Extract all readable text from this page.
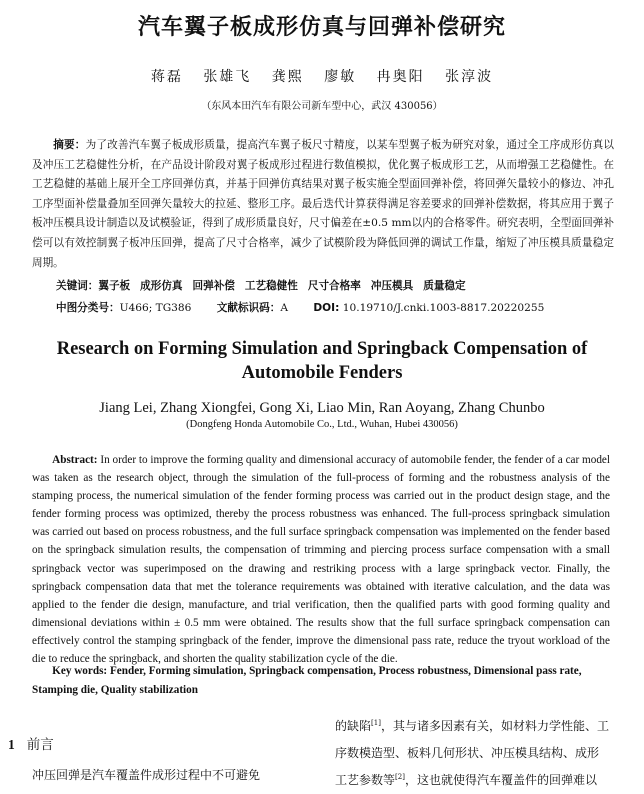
汽车翼子板成形仿真与回弹补偿研究
蒋磊 张雄飞 龚熙 廖敏 冉奥阳 张淳波
（东风本田汽车有限公司新车型中心，武汉 430056）
摘要：为了改善汽车翼子板成形质量，提高汽车翼子板尺寸精度，以某车型翼子板为研究对象，通过全工序成形仿真以及冲压工艺稳健性分析，在产品设计阶段对翼子板成形过程进行数值模拟，优化翼子板成形工艺，从而增强工艺稳健性。在工艺稳健的基础上展开全工序回弹仿真，并基于回弹仿真结果对翼子板实施全型面回弹补偿，将回弹矢量较小的修边、冲孔工序型面补偿量叠加至回弹矢量较大的拉延、整形工序。最后迭代计算获得满足容差要求的回弹补偿数据，将其应用于翼子板冲压模具设计制造以及试模验证，得到了成形质量良好，尺寸偏差在±0.5 mm以内的合格零件。研究表明，全型面回弹补偿可以有效控制翼子板冲压回弹，提高了尺寸合格率，减少了试模阶段为降低回弹的调试工作量，缩短了冲压模具质量稳定周期。
关键词：翼子板 成形仿真 回弹补偿 工艺稳健性 尺寸合格率 冲压模具 质量稳定
中图分类号：U466; TG386 文献标识码：A DOI: 10.19710/J.cnki.1003-8817.20220255
Research on Forming Simulation and Springback Compensation of Automobile Fenders
Jiang Lei, Zhang Xiongfei, Gong Xi, Liao Min, Ran Aoyang, Zhang Chunbo
(Dongfeng Honda Automobile Co., Ltd., Wuhan, Hubei 430056)
Abstract: In order to improve the forming quality and dimensional accuracy of automobile fender, the fender of a car model was taken as the research object, through the simulation of the full-process of forming and the robustness analysis of the stamping process, the numerical simulation of the fender forming process was carried out in the product design stage, and the fender forming process was optimized, thereby the process robustness was enhanced. The full-process springback simulation was carried out based on process robustness, and the full surface springback compensation was implemented on the fender based on the springback simulation results, the compensation of trimming and piercing process surface compensation with a small springback vector was superimposed on the drawing and restriking process with a large springback vector. Finally, the springback compensation data that met the tolerance requirements was obtained with iterative calculation, and the data was applied to the fender die design, manufacture, and trial verification, then the qualified parts with good forming quality and dimensional deviations within ± 0.5 mm were obtained. The results show that the full surface springback compensation can effectively control the stamping springback of the fender, improve the dimensional pass rate, reduce the tryout workload of the die to reduce the springback, and shorten the quality stabilization cycle of the die.
Key words: Fender, Forming simulation, Springback compensation, Process robustness, Dimensional pass rate, Stamping die, Quality stabilization
1 前言
冲压回弹是汽车覆盖件成形过程中不可避免
的缺陷[1]，其与诸多因素有关，如材料力学性能、工
序数模造型、板料几何形状、冲压模具结构、成形
工艺参数等[2]，这也就使得汽车覆盖件的回弹难以
